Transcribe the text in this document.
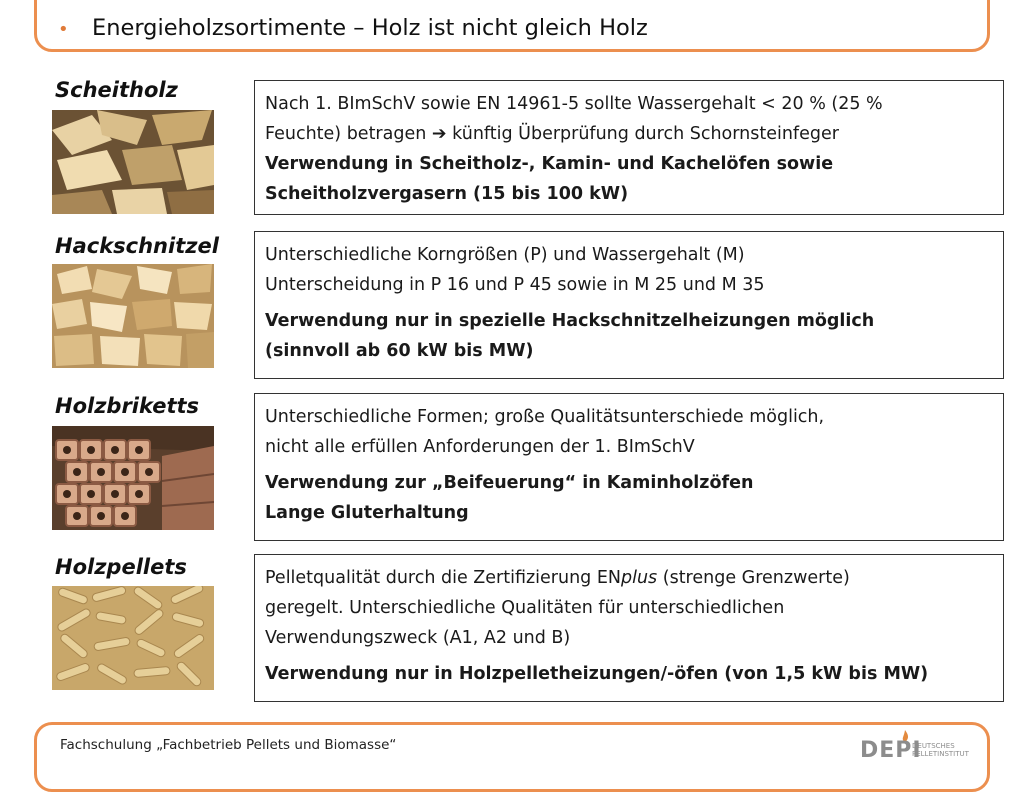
• Energieholzsortimente – Holz ist nicht gleich Holz
Scheitholz
Nach 1. BImSchV sowie EN 14961-5 sollte Wassergehalt < 20 % (25 %
Feuchte) betragen ➔ künftig Überprüfung durch Schornsteinfeger
Verwendung in Scheitholz-, Kamin- und Kachelöfen sowie
Scheitholzvergasern (15 bis 100 kW)
Hackschnitzel	Unterschiedliche Korngrößen (P) und Wassergehalt (M)
Unterscheidung in P 16 und P 45 sowie in M 25 und M 35
Verwendung nur in spezielle Hackschnitzelheizungen möglich
(sinnvoll ab 60 kW bis MW)
Holzbriketts	Unterschiedliche Formen; große Qualitätsunterschiede möglich,
nicht alle erfüllen Anforderungen der 1. BImSchV
Verwendung zur „Beifeuerung“ in Kaminholzöfen
Lange Gluterhaltung
Holzpellets	Pelletqualität durch die Zertifizierung ENplus (strenge Grenzwerte)
geregelt. Unterschiedliche Qualitäten für unterschiedlichen
Verwendungszweck (A1, A2 und B)
Verwendung nur in Holzpelletheizungen/-öfen (von 1,5 kW bis MW)
Fachschulung „Fachbetrieb Pellets und Biomasse“	DEPI
DEUTSCHES
PELLETINSTITUT
